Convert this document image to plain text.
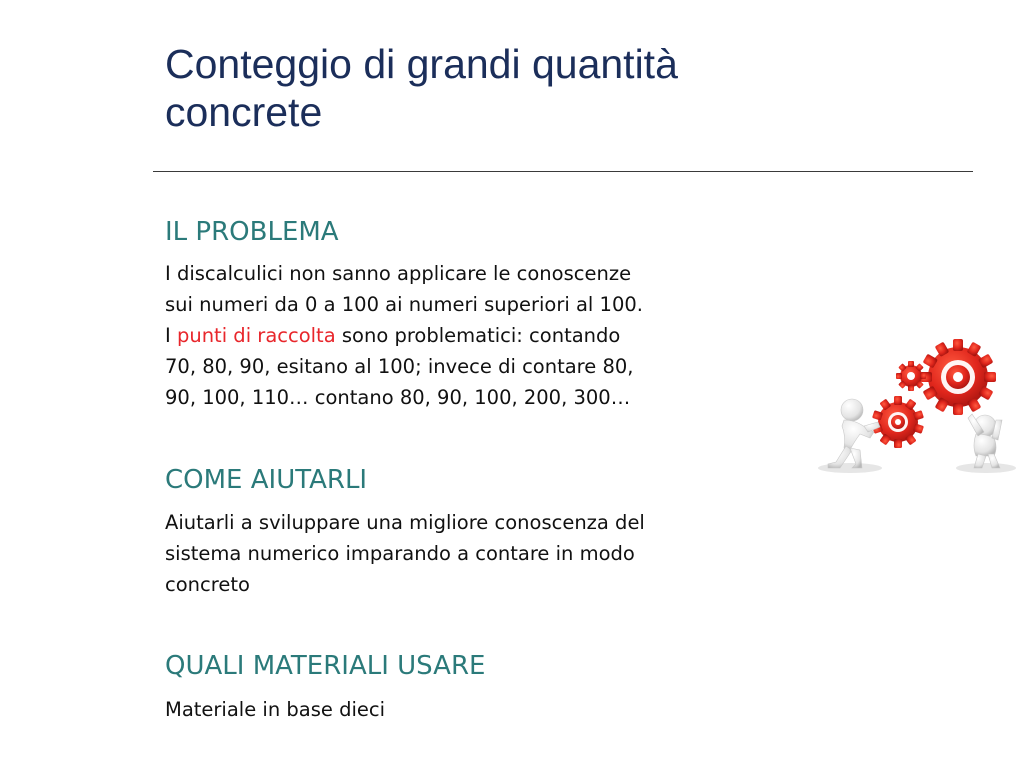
Conteggio di grandi quantità
concrete
IL PROBLEMA
I discalculici non sanno applicare le conoscenze
sui numeri da 0 a 100 ai numeri superiori al 100.
I punti di raccolta sono problematici: contando
70, 80, 90, esitano al 100; invece di contare 80,
90, 100, 110… contano 80, 90, 100, 200, 300…
COME AIUTARLI
Aiutarli a sviluppare una migliore conoscenza del
sistema numerico imparando a contare in modo
concreto
QUALI MATERIALI USARE
Materiale in base dieci
